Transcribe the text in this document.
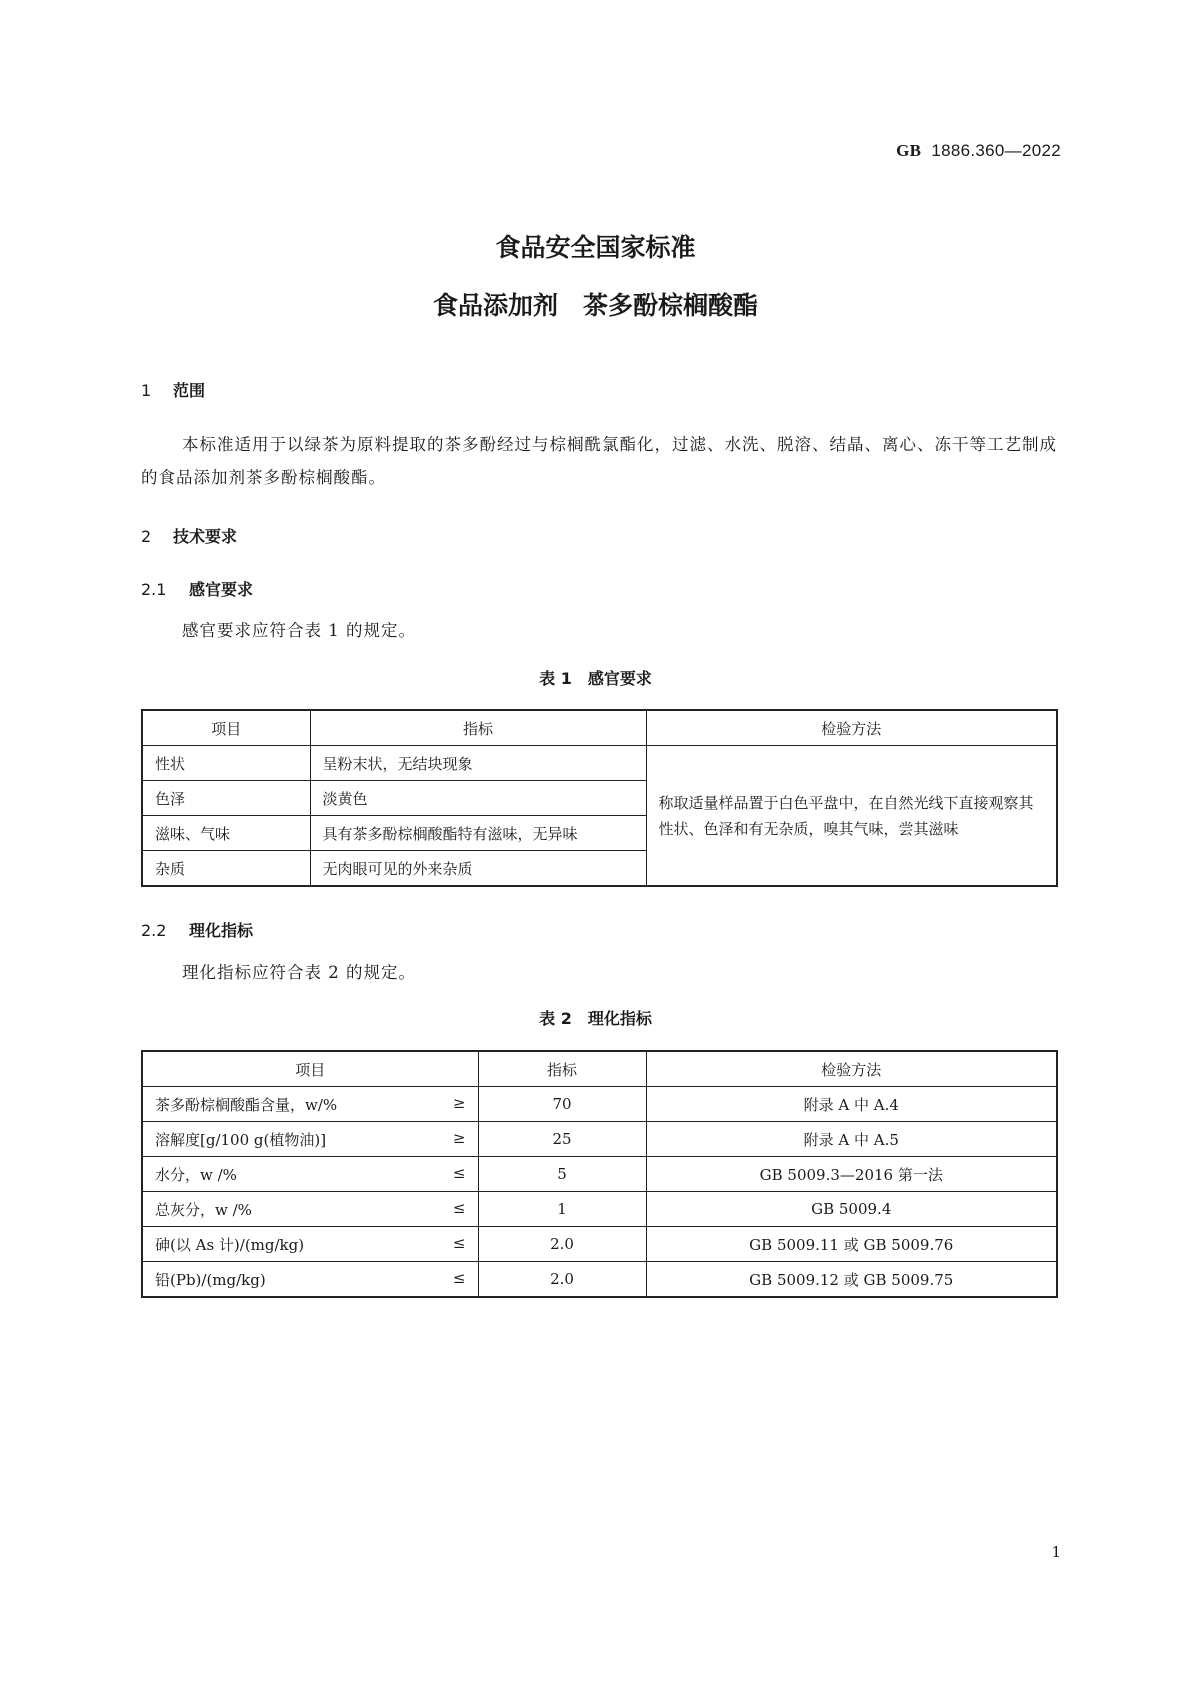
GB 1886.360—2022
食品安全国家标准
食品添加剂　茶多酚棕榈酸酯
1 范围
本标准适用于以绿茶为原料提取的茶多酚经过与棕榈酰氯酯化，过滤、水洗、脱溶、结晶、离心、冻干等工艺制成的食品添加剂茶多酚棕榈酸酯。
2 技术要求
2.1 感官要求
感官要求应符合表 1 的规定。
表 1　感官要求
项目	指标	检验方法
性状	呈粉末状，无结块现象	称取适量样品置于白色平盘中，在自然光线下直接观察其性状、色泽和有无杂质，嗅其气味，尝其滋味
色泽	淡黄色	
滋味、气味	具有茶多酚棕榈酸酯特有滋味，无异味	
杂质	无肉眼可见的外来杂质	
2.2 理化指标
理化指标应符合表 2 的规定。
表 2　理化指标
项目	指标	检验方法
茶多酚棕榈酸酯含量，w/% ≥	70	附录 A 中 A.4
溶解度[g/100 g(植物油)] ≥	25	附录 A 中 A.5
水分，w /% ≤	5	GB 5009.3—2016 第一法
总灰分，w /% ≤	1	GB 5009.4
砷(以 As 计)/(mg/kg) ≤	2.0	GB 5009.11 或 GB 5009.76
铅(Pb)/(mg/kg) ≤	2.0	GB 5009.12 或 GB 5009.75
1
